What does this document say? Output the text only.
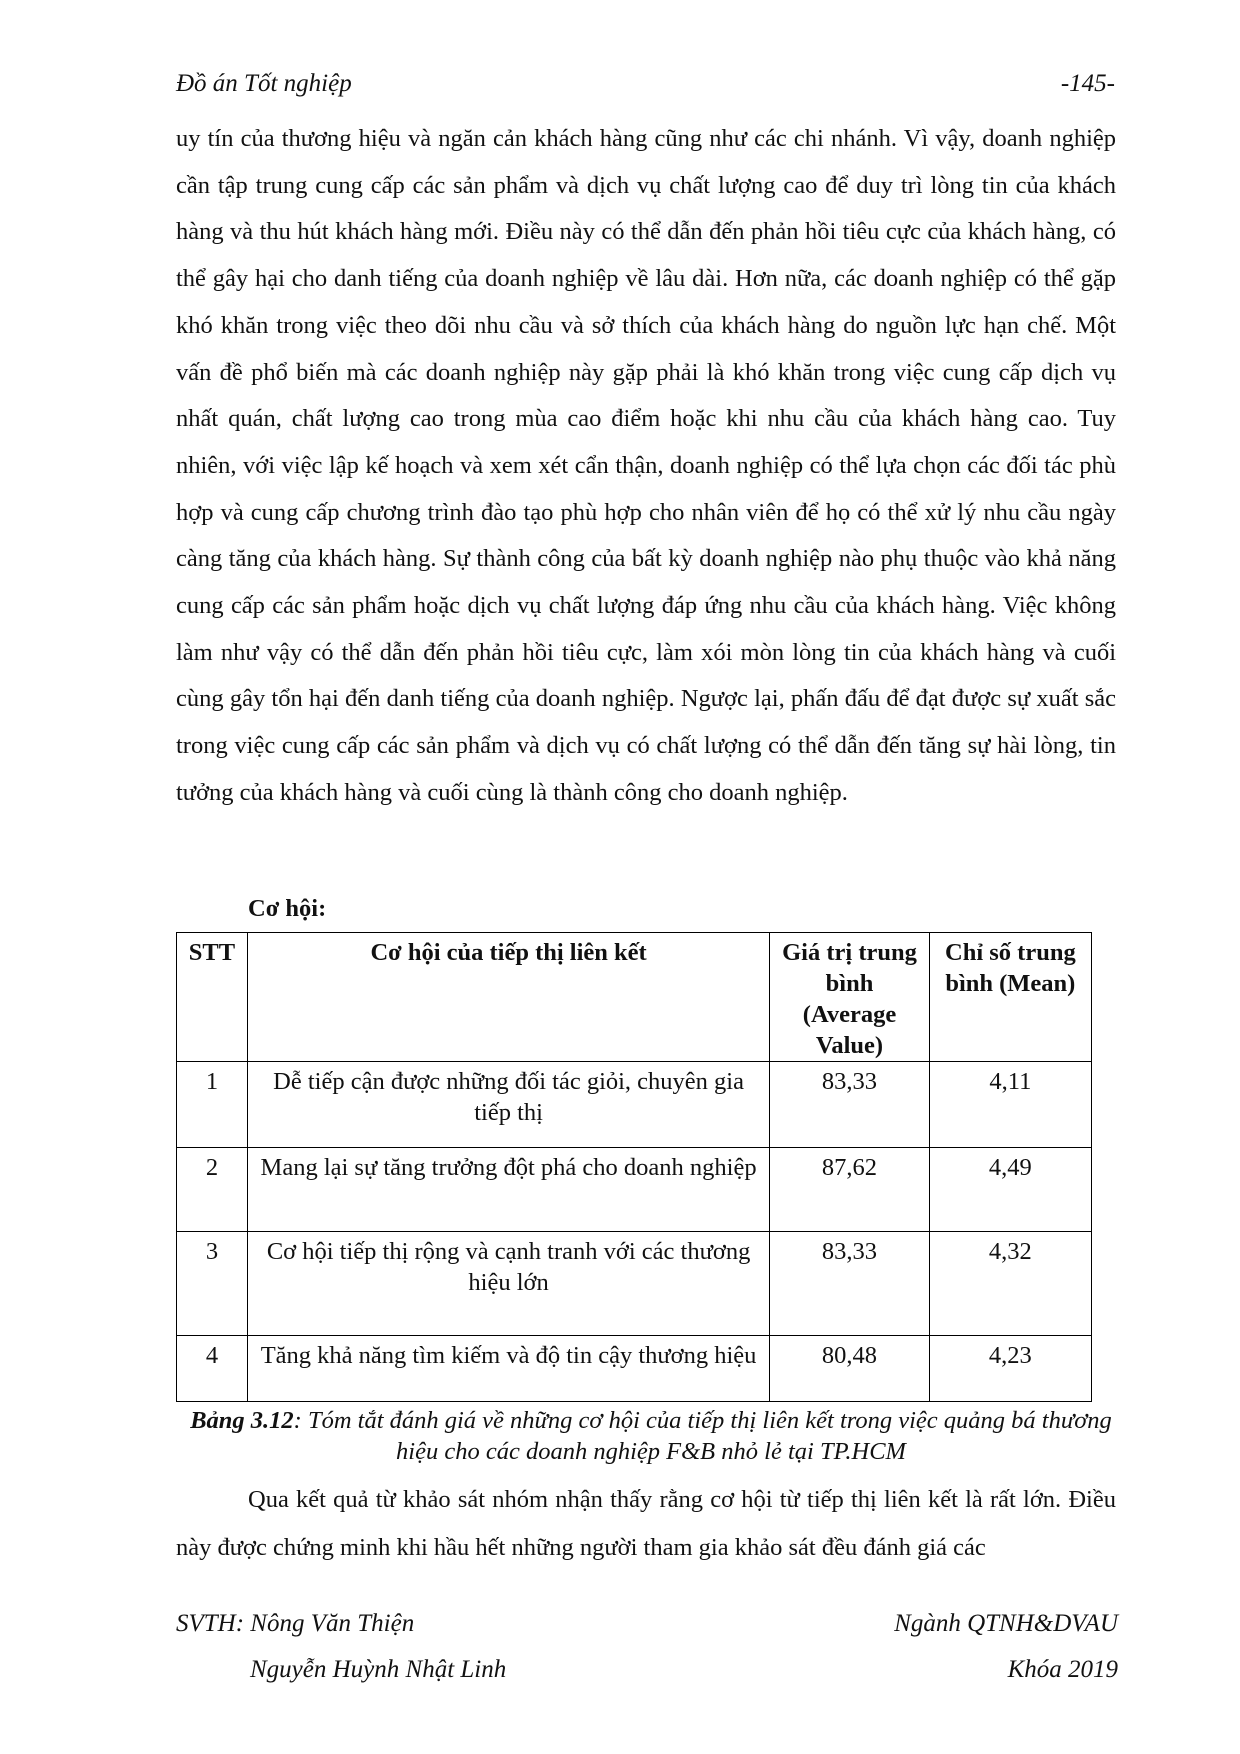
Đồ án Tốt nghiệp	-145-

uy tín của thương hiệu và ngăn cản khách hàng cũng như các chi nhánh. Vì vậy, doanh nghiệp cần tập trung cung cấp các sản phẩm và dịch vụ chất lượng cao để duy trì lòng tin của khách hàng và thu hút khách hàng mới. Điều này có thể dẫn đến phản hồi tiêu cực của khách hàng, có thể gây hại cho danh tiếng của doanh nghiệp về lâu dài. Hơn nữa, các doanh nghiệp có thể gặp khó khăn trong việc theo dõi nhu cầu và sở thích của khách hàng do nguồn lực hạn chế. Một vấn đề phổ biến mà các doanh nghiệp này gặp phải là khó khăn trong việc cung cấp dịch vụ nhất quán, chất lượng cao trong mùa cao điểm hoặc khi nhu cầu của khách hàng cao. Tuy nhiên, với việc lập kế hoạch và xem xét cẩn thận, doanh nghiệp có thể lựa chọn các đối tác phù hợp và cung cấp chương trình đào tạo phù hợp cho nhân viên để họ có thể xử lý nhu cầu ngày càng tăng của khách hàng. Sự thành công của bất kỳ doanh nghiệp nào phụ thuộc vào khả năng cung cấp các sản phẩm hoặc dịch vụ chất lượng đáp ứng nhu cầu của khách hàng. Việc không làm như vậy có thể dẫn đến phản hồi tiêu cực, làm xói mòn lòng tin của khách hàng và cuối cùng gây tổn hại đến danh tiếng của doanh nghiệp. Ngược lại, phấn đấu để đạt được sự xuất sắc trong việc cung cấp các sản phẩm và dịch vụ có chất lượng có thể dẫn đến tăng sự hài lòng, tin tưởng của khách hàng và cuối cùng là thành công cho doanh nghiệp.

Cơ hội:
STT	Cơ hội của tiếp thị liên kết	Giá trị trung bình (Average Value)	Chỉ số trung bình (Mean)
1	Dễ tiếp cận được những đối tác giỏi, chuyên gia tiếp thị	83,33	4,11
2	Mang lại sự tăng trưởng đột phá cho doanh nghiệp	87,62	4,49
3	Cơ hội tiếp thị rộng và cạnh tranh với các thương hiệu lớn	83,33	4,32
4	Tăng khả năng tìm kiếm và độ tin cậy thương hiệu	80,48	4,23
Bảng 3.12: Tóm tắt đánh giá về những cơ hội của tiếp thị liên kết trong việc quảng bá thương hiệu cho các doanh nghiệp F&B nhỏ lẻ tại TP.HCM

Qua kết quả từ khảo sát nhóm nhận thấy rằng cơ hội từ tiếp thị liên kết là rất lớn. Điều này được chứng minh khi hầu hết những người tham gia khảo sát đều đánh giá các

SVTH: Nông Văn Thiện
Nguyễn Huỳnh Nhật Linh
Ngành QTNH&DVAU
Khóa 2019
